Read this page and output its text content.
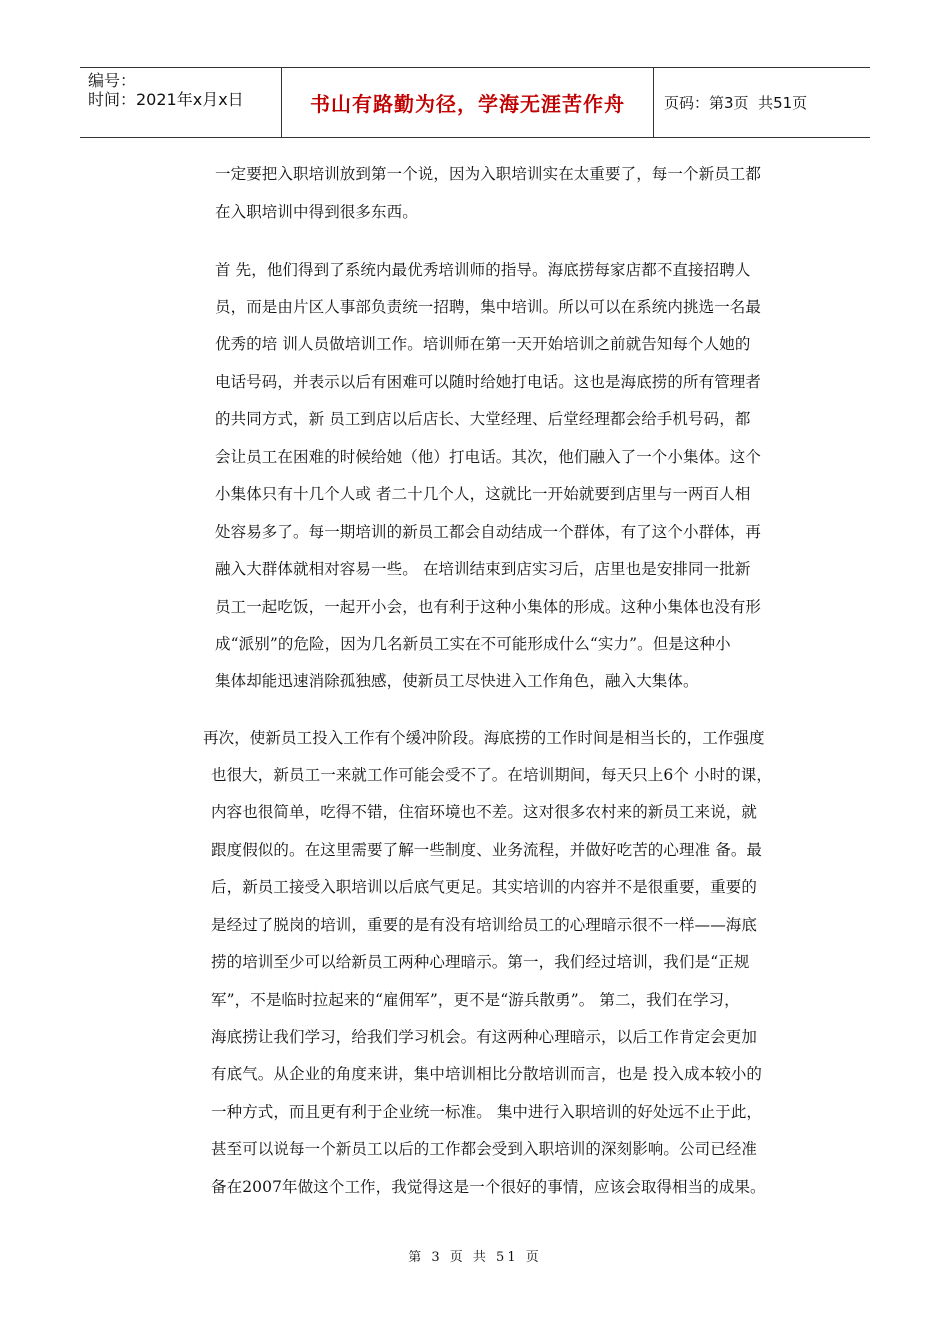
编号：
时间：2021年x月x日	书山有路勤为径，学海无涯苦作舟	页码：第3页  共51页
一定要把入职培训放到第一个说，因为入职培训实在太重要了，每一个新员工都
在入职培训中得到很多东西。
首 先，他们得到了系统内最优秀培训师的指导。海底捞每家店都不直接招聘人
员，而是由片区人事部负责统一招聘，集中培训。所以可以在系统内挑选一名最
优秀的培 训人员做培训工作。培训师在第一天开始培训之前就告知每个人她的
电话号码，并表示以后有困难可以随时给她打电话。这也是海底捞的所有管理者
的共同方式，新 员工到店以后店长、大堂经理、后堂经理都会给手机号码，都
会让员工在困难的时候给她（他）打电话。其次，他们融入了一个小集体。这个
小集体只有十几个人或 者二十几个人，这就比一开始就要到店里与一两百人相
处容易多了。每一期培训的新员工都会自动结成一个群体，有了这个小群体，再
融入大群体就相对容易一些。 在培训结束到店实习后，店里也是安排同一批新
员工一起吃饭，一起开小会，也有利于这种小集体的形成。这种小集体也没有形
成“派别”的危险，因为几名新员工实在不可能形成什么“实力”。但是这种小
集体却能迅速消除孤独感，使新员工尽快进入工作角色，融入大集体。
再次，使新员工投入工作有个缓冲阶段。海底捞的工作时间是相当长的，工作强度
也很大，新员工一来就工作可能会受不了。在培训期间，每天只上6个 小时的课，
内容也很简单，吃得不错，住宿环境也不差。这对很多农村来的新员工来说，就
跟度假似的。在这里需要了解一些制度、业务流程，并做好吃苦的心理准 备。最
后，新员工接受入职培训以后底气更足。其实培训的内容并不是很重要，重要的
是经过了脱岗的培训，重要的是有没有培训给员工的心理暗示很不一样——海底
捞的培训至少可以给新员工两种心理暗示。第一，我们经过培训，我们是“正规
军”，不是临时拉起来的“雇佣军”，更不是“游兵散勇”。 第二，我们在学习，
海底捞让我们学习，给我们学习机会。有这两种心理暗示，以后工作肯定会更加
有底气。从企业的角度来讲，集中培训相比分散培训而言，也是 投入成本较小的
一种方式，而且更有利于企业统一标准。 集中进行入职培训的好处远不止于此，
甚至可以说每一个新员工以后的工作都会受到入职培训的深刻影响。公司已经准
备在2007年做这个工作，我觉得这是一个很好的事情，应该会取得相当的成果。
第 3 页 共 51 页
